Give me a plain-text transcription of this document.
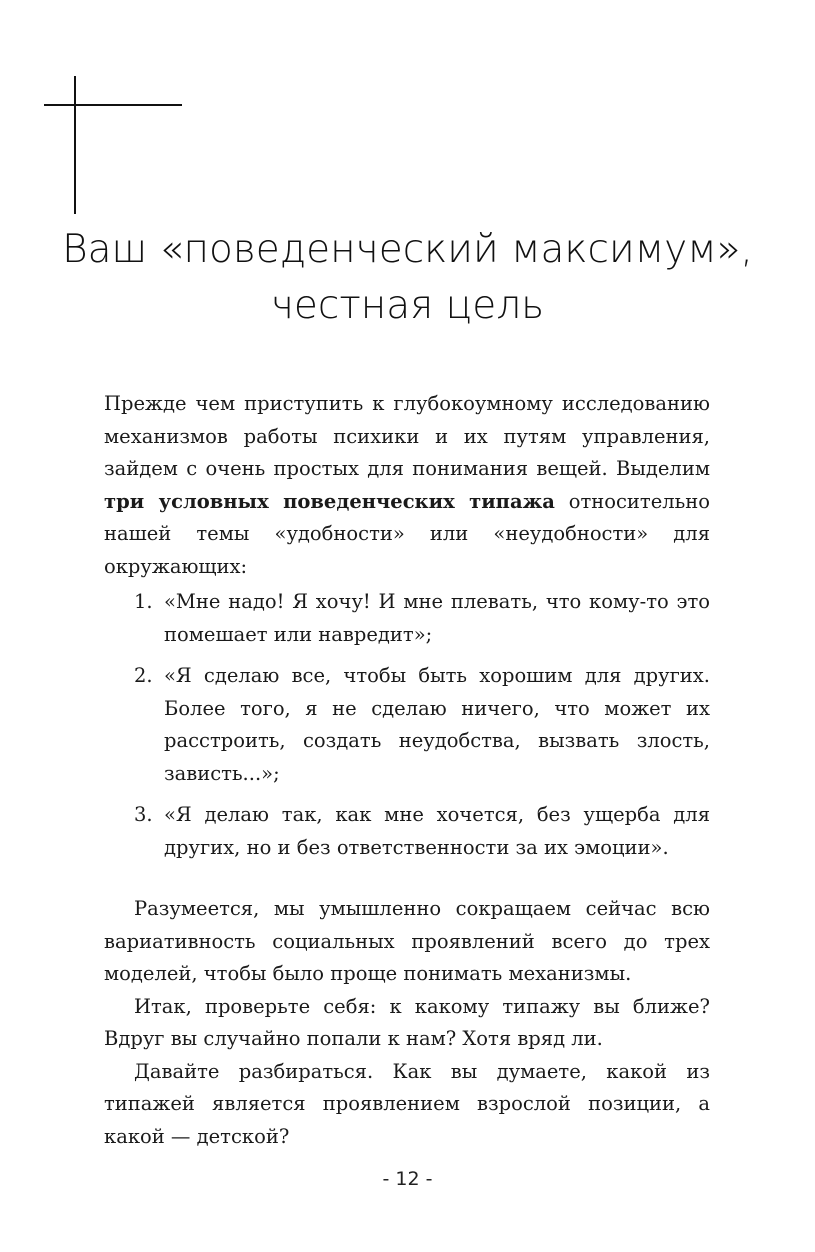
Ваш «поведенческий максимум»,
честная цель

Прежде чем приступить к глубокоумному исследованию механизмов работы психики и их путям управления, зайдем с очень простых для понимания вещей. Выделим три условных поведенческих типажа относительно нашей темы «удобности» или «неудобности» для окружающих:

1. «Мне надо! Я хочу! И мне плевать, что кому-то это помешает или навредит»;
2. «Я сделаю все, чтобы быть хорошим для других. Более того, я не сделаю ничего, что может их расстроить, создать неудобства, вызвать злость, зависть...»;
3. «Я делаю так, как мне хочется, без ущерба для других, но и без ответственности за их эмоции».

Разумеется, мы умышленно сокращаем сейчас всю вариативность социальных проявлений всего до трех моделей, чтобы было проще понимать механизмы.

Итак, проверьте себя: к какому типажу вы ближе? Вдруг вы случайно попали к нам? Хотя вряд ли.

Давайте разбираться. Как вы думаете, какой из типажей является проявлением взрослой позиции, а какой — детской?

- 12 -
